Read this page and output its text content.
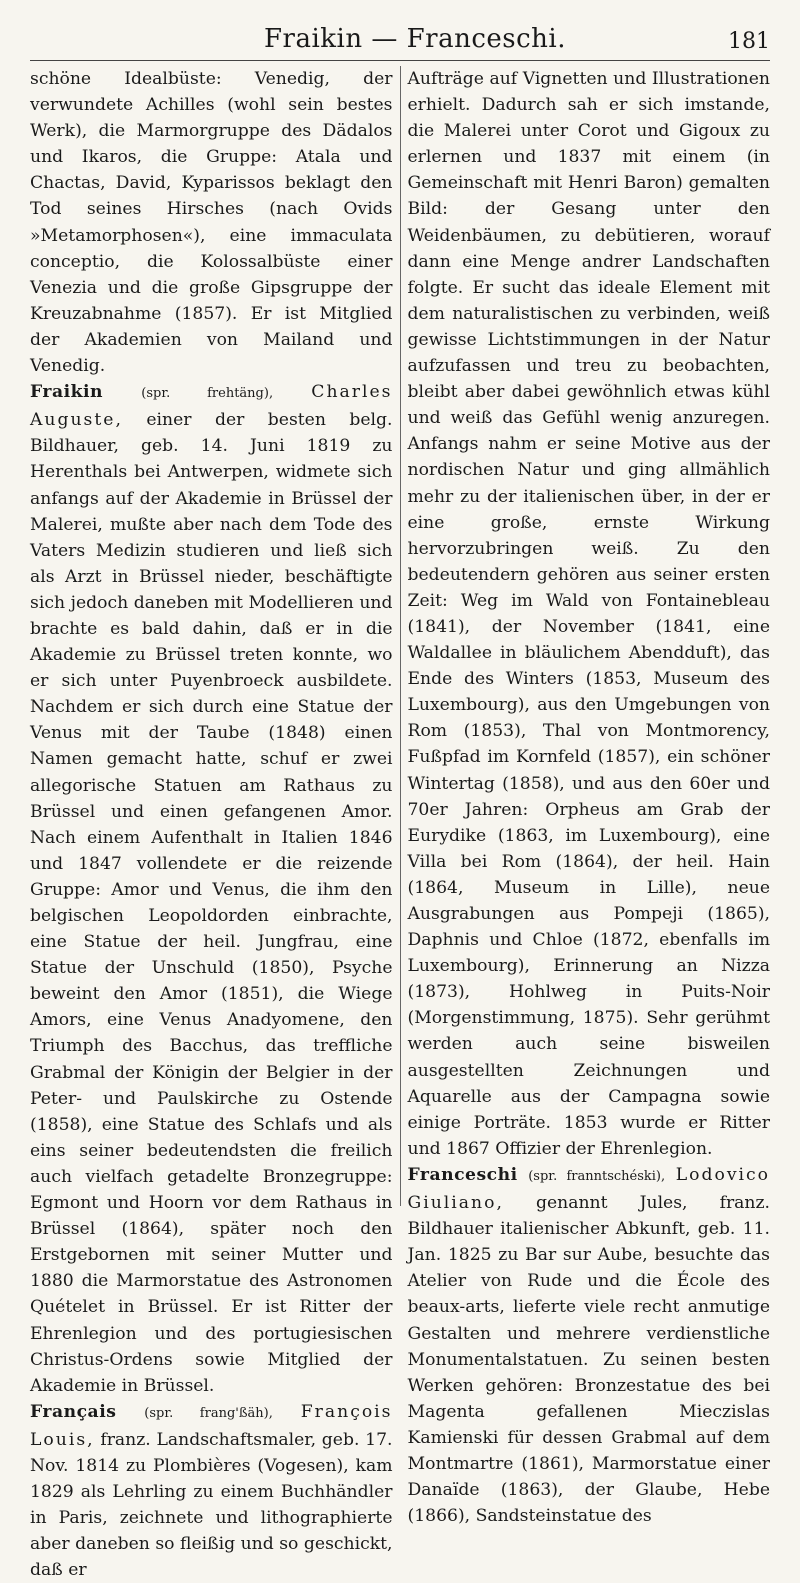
Fraikin — Franceschi.	181

schöne Idealbüste: Venedig, der verwundete Achilles (wohl sein bestes Werk), die Marmorgruppe des Dädalos und Ikaros, die Gruppe: Atala und Chactas, David, Kyparissos beklagt den Tod seines Hirsches (nach Ovids »Metamorphosen«), eine immaculata conceptio, die Kolossalbüste einer Venezia und die große Gipsgruppe der Kreuzabnahme (1857). Er ist Mitglied der Akademien von Mailand und Venedig.

Fraikin	(spr. frehtäng), Charles Auguste, einer der besten belg. Bildhauer, geb. 14. Juni 1819 zu Herenthals bei Antwerpen, widmete sich anfangs auf der Akademie in Brüssel der Malerei, mußte aber nach dem Tode des Vaters Medizin studieren und ließ sich als Arzt in Brüssel nieder, beschäftigte sich jedoch daneben mit Modellieren und brachte es bald dahin, daß er in die Akademie zu Brüssel treten konnte, wo er sich unter Puyenbroeck ausbildete. Nachdem er sich durch eine Statue der Venus mit der Taube (1848) einen Namen gemacht hatte, schuf er zwei allegorische Statuen am Rathaus zu Brüssel und einen gefangenen Amor. Nach einem Aufenthalt in Italien 1846 und 1847 vollendete er die reizende Gruppe: Amor und Venus, die ihm den belgischen Leopoldorden einbrachte, eine Statue der heil. Jungfrau, eine Statue der Unschuld (1850), Psyche beweint den Amor (1851), die Wiege Amors, eine Venus Anadyomene, den Triumph des Bacchus, das treffliche Grabmal der Königin der Belgier in der Peter- und Paulskirche zu Ostende (1858), eine Statue des Schlafs und als eins seiner bedeutendsten die freilich auch vielfach getadelte Bronzegruppe: Egmont und Hoorn vor dem Rathaus in Brüssel (1864), später noch den Erstgebornen mit seiner Mutter und 1880 die Marmorstatue des Astronomen Quételet in Brüssel. Er ist Ritter der Ehrenlegion und des portugiesischen Christus-Ordens sowie Mitglied der Akademie in Brüssel.

Français (spr. frang'ßäh), François Louis, franz. Landschaftsmaler, geb. 17. Nov. 1814 zu Plombières (Vogesen), kam 1829 als Lehrling zu einem Buchhändler in Paris, zeichnete und lithographierte aber daneben so fleißig und so geschickt, daß er

Aufträge auf Vignetten und Illustrationen erhielt. Dadurch sah er sich imstande, die Malerei unter Corot und Gigoux zu erlernen und 1837 mit einem (in Gemeinschaft mit Henri Baron) gemalten Bild: der Gesang unter den Weidenbäumen, zu debütieren, worauf dann eine Menge andrer Landschaften folgte. Er sucht das ideale Element mit dem naturalistischen zu verbinden, weiß gewisse Lichtstimmungen in der Natur aufzufassen und treu zu beobachten, bleibt aber dabei gewöhnlich etwas kühl und weiß das Gefühl wenig anzuregen. Anfangs nahm er seine Motive aus der nordischen Natur und ging allmählich mehr zu der italienischen über, in der er eine große, ernste Wirkung hervorzubringen weiß. Zu den bedeutendern gehören aus seiner ersten Zeit: Weg im Wald von Fontainebleau (1841), der November (1841, eine Waldallee in bläulichem Abendduft), das Ende des Winters (1853, Museum des Luxembourg), aus den Umgebungen von Rom (1853), Thal von Montmorency, Fußpfad im Kornfeld (1857), ein schöner Wintertag (1858), und aus den 60er und 70er Jahren: Orpheus am Grab der Eurydike (1863, im Luxembourg), eine Villa bei Rom (1864), der heil. Hain (1864, Museum in Lille), neue Ausgrabungen aus Pompeji (1865), Daphnis und Chloe (1872, ebenfalls im Luxembourg), Erinnerung an Nizza (1873), Hohlweg in Puits-Noir (Morgenstimmung, 1875). Sehr gerühmt werden auch seine bisweilen ausgestellten Zeichnungen und Aquarelle aus der Campagna sowie einige Porträte. 1853 wurde er Ritter und 1867 Offizier der Ehrenlegion.

Franceschi (spr. franntschéski), Lodovico Giuliano, genannt Jules, franz. Bildhauer italienischer Abkunft, geb. 11. Jan. 1825 zu Bar sur Aube, besuchte das Atelier von Rude und die École des beaux-arts, lieferte viele recht anmutige Gestalten und mehrere verdienstliche Monumentalstatuen. Zu seinen besten Werken gehören: Bronzestatue des bei Magenta gefallenen Mieczislas Kamienski für dessen Grabmal auf dem Montmartre (1861), Marmorstatue einer Danaïde (1863), der Glaube, Hebe (1866), Sandsteinstatue des
